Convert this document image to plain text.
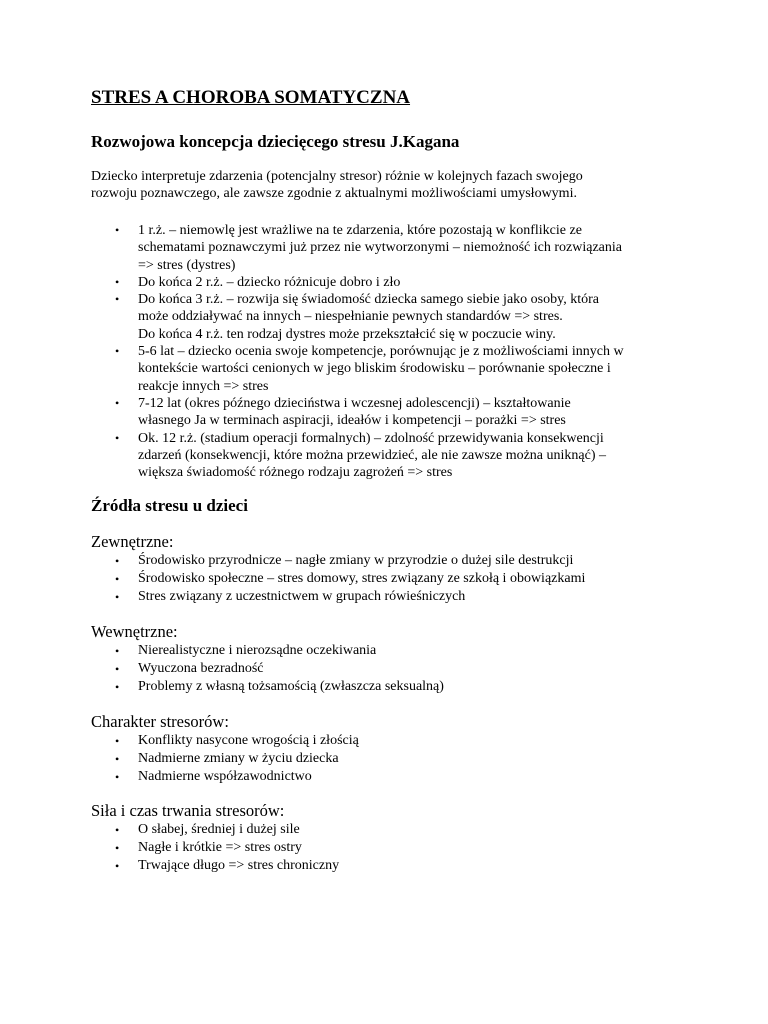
STRES A CHOROBA SOMATYCZNA
Rozwojowa koncepcja dziecięcego stresu J.Kagana

Dziecko interpretuje zdarzenia (potencjalny stresor) różnie w kolejnych fazach swojego
rozwoju poznawczego, ale zawsze zgodnie z aktualnymi możliwościami umysłowymi.

•	1 r.ż. – niemowlę jest wrażliwe na te zdarzenia, które pozostają w konflikcie ze
schematami poznawczymi już przez nie wytworzonymi – niemożność ich rozwiązania
=> stres (dystres)
•	Do końca 2 r.ż. – dziecko różnicuje dobro i zło
•	Do końca 3 r.ż. – rozwija się świadomość dziecka samego siebie jako osoby, która
może oddziaływać na innych – niespełnianie pewnych standardów => stres.
Do końca 4 r.ż. ten rodzaj dystres może przekształcić się w poczucie winy.
•	5-6 lat – dziecko ocenia swoje kompetencje, porównując je z możliwościami innych w
kontekście wartości cenionych w jego bliskim środowisku – porównanie społeczne i
reakcje innych => stres
•	7-12 lat (okres późnego dzieciństwa i wczesnej adolescencji) – kształtowanie
własnego Ja w terminach aspiracji, ideałów i kompetencji – porażki => stres
•	Ok. 12 r.ż. (stadium operacji formalnych) – zdolność przewidywania konsekwencji
zdarzeń (konsekwencji, które można przewidzieć, ale nie zawsze można uniknąć) –
większa świadomość różnego rodzaju zagrożeń => stres
Źródła stresu u dzieci
Zewnętrzne:
•	Środowisko przyrodnicze – nagłe zmiany w przyrodzie o dużej sile destrukcji
•	Środowisko społeczne – stres domowy, stres związany ze szkołą i obowiązkami
•	Stres związany z uczestnictwem w grupach rówieśniczych
Wewnętrzne:
•	Nierealistyczne i nierozsądne oczekiwania
•	Wyuczona bezradność
•	Problemy z własną tożsamością (zwłaszcza seksualną)
Charakter stresorów:
•	Konflikty nasycone wrogością i złością
•	Nadmierne zmiany w życiu dziecka
•	Nadmierne współzawodnictwo
Siła i czas trwania stresorów:
•	O słabej, średniej i dużej sile
•	Nagłe i krótkie => stres ostry
•	Trwające długo => stres chroniczny
